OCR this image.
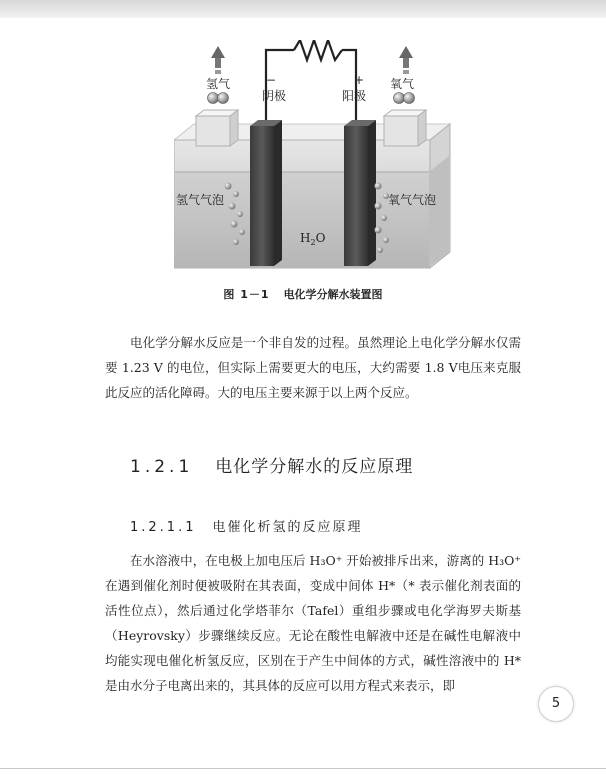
氢气	氧气
−	+
阴极	阳极
氢气气泡	氧气气泡
$H_2O$
图 1－1 电化学分解水装置图

电化学分解水反应是一个非自发的过程。虽然理论上电化学分解水仅需要 1.23 V 的电位，但实际上需要更大的电压，大约需要 1.8 V电压来克服此反应的活化障碍。大的电压主要来源于以上两个反应。

1.2.1 电化学分解水的反应原理
1.2.1.1 电催化析氢的反应原理

在水溶液中，在电极上加电压后 H₃O⁺ 开始被排斥出来，游离的 H₃O⁺ 在遇到催化剂时便被吸附在其表面，变成中间体 H*（* 表示催化剂表面的活性位点），然后通过化学塔菲尔（Tafel）重组步骤或电化学海罗夫斯基（Heyrovsky）步骤继续反应。无论在酸性电解液中还是在碱性电解液中均能实现电催化析氢反应，区别在于产生中间体的方式，碱性溶液中的 H* 是由水分子电离出来的，其具体的反应可以用方程式来表示，即

5
